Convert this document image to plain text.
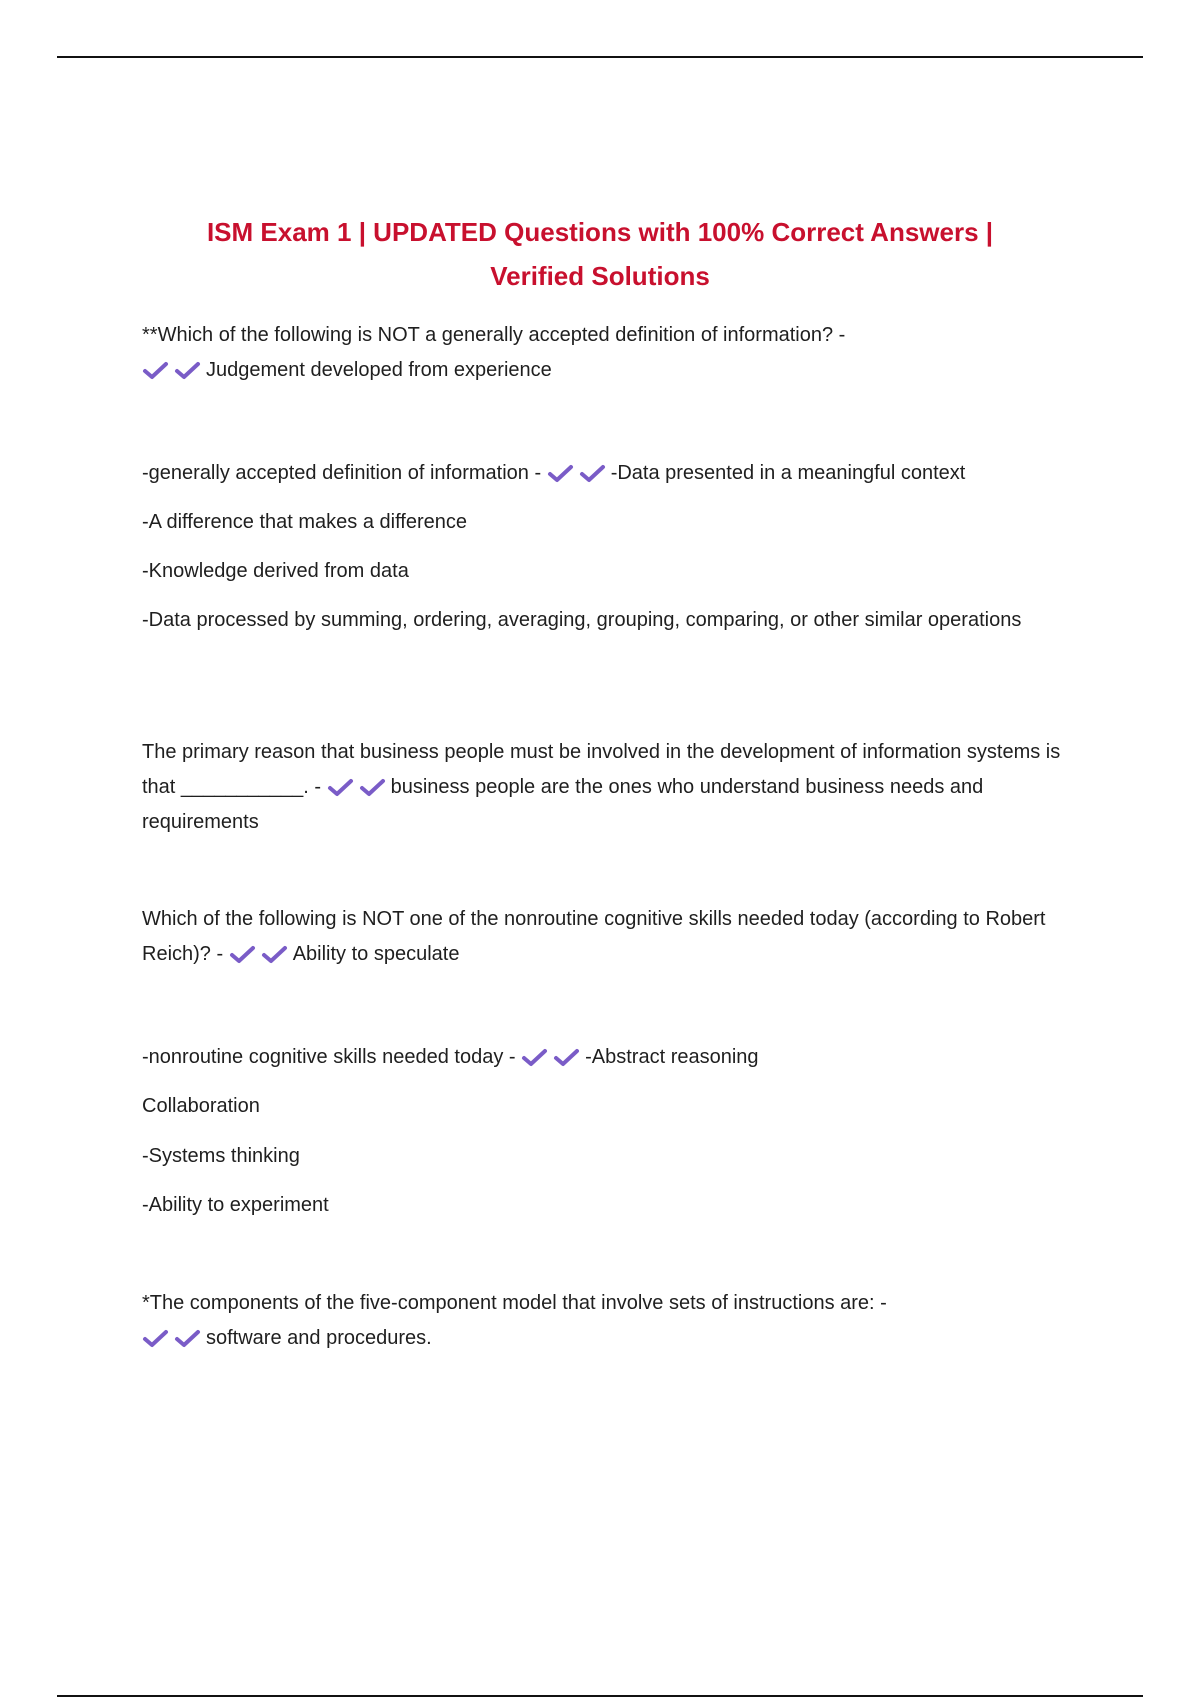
ISM Exam 1 | UPDATED Questions with 100% Correct Answers |
Verified Solutions

**Which of the following is NOT a generally accepted definition of information? -

Judgement developed from experience

-generally accepted definition of information -	-Data presented in a meaningful context

-A difference that makes a difference

-Knowledge derived from data

-Data processed by summing, ordering, averaging, grouping, comparing, or other similar operations

The primary reason that business people must be involved in the development of information systems is that ___________. -	business people are the ones who understand business needs and requirements

Which of the following is NOT one of the nonroutine cognitive skills needed today (according to Robert Reich)? -	Ability to speculate

-nonroutine cognitive skills needed today -	-Abstract reasoning

Collaboration

-Systems thinking

-Ability to experiment

*The components of the five-component model that involve sets of instructions are: -

software and procedures.
